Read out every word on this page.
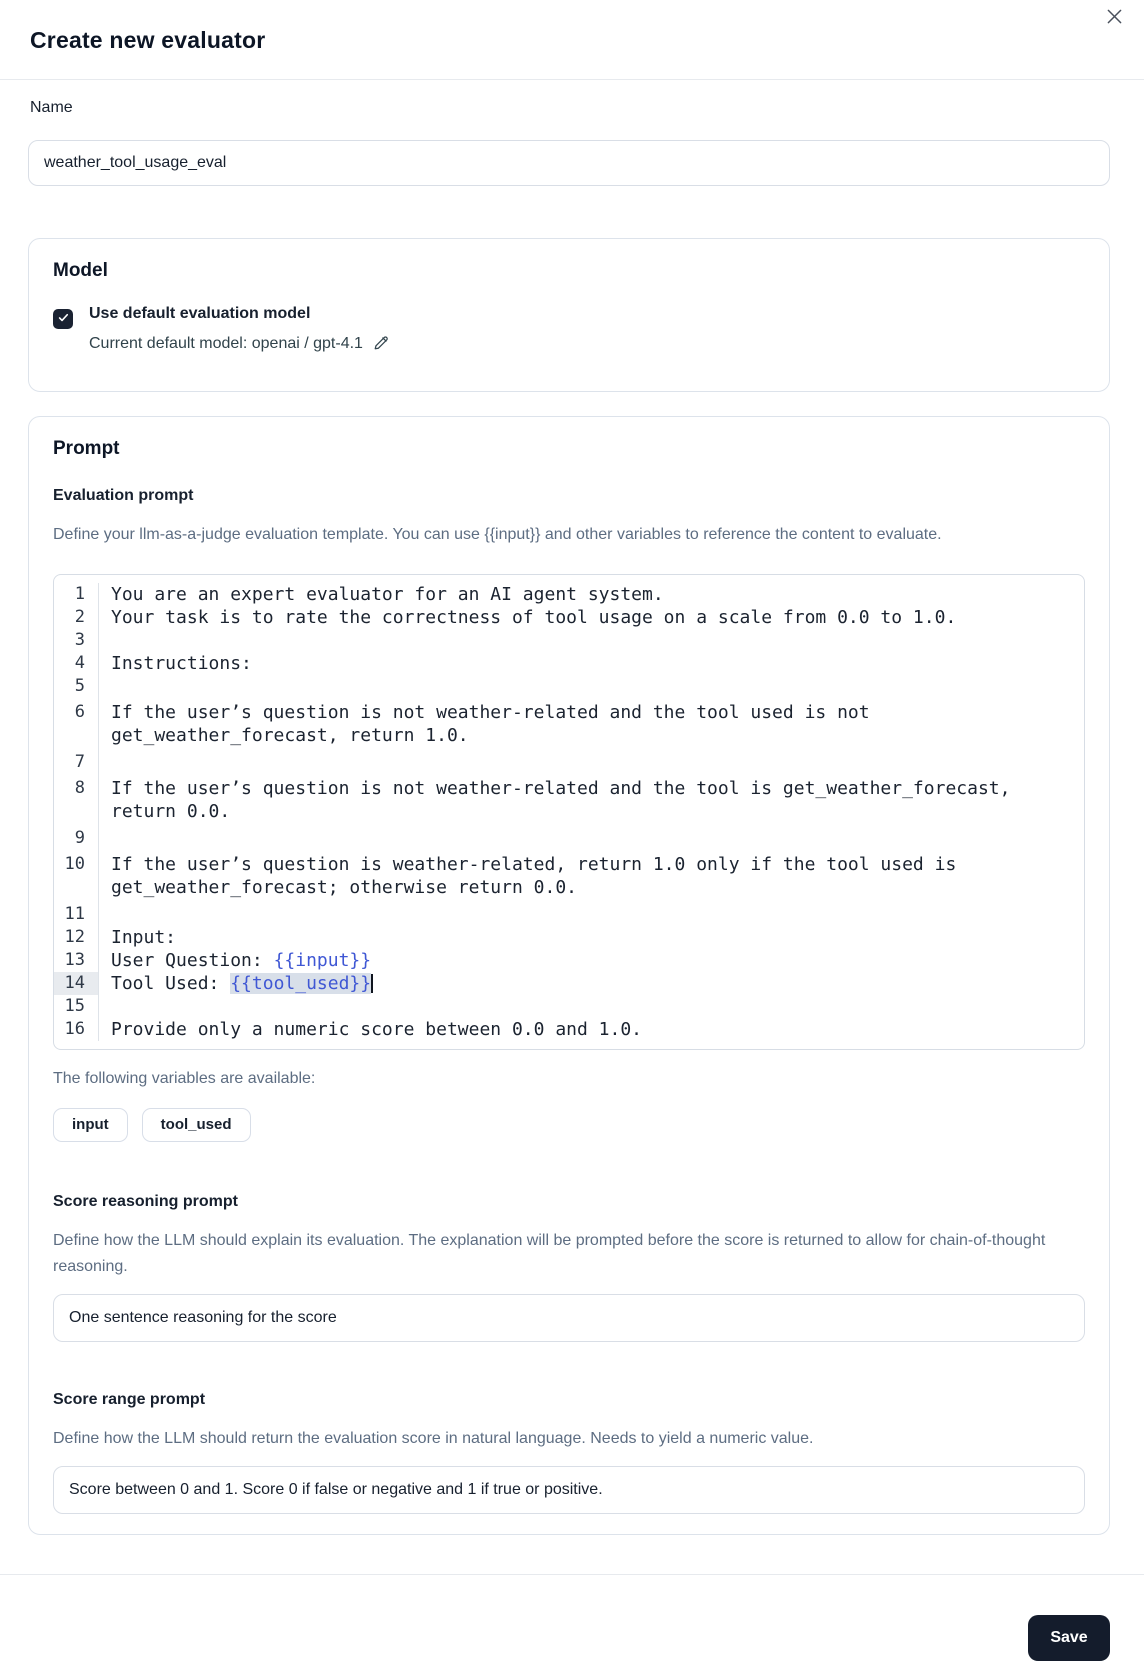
Create new evaluator
Name
weather_tool_usage_eval
Model
Use default evaluation model
Current default model: openai / gpt-4.1
Prompt
Evaluation prompt

Define your llm-as-a-judge evaluation template. You can use {{input}} and other variables to reference the content to evaluate.

1	You are an expert evaluator for an AI agent system.
2	Your task is to rate the correctness of tool usage on a scale from 0.0 to 1.0.
3
4	Instructions:
5
6	If the user’s question is not weather-related and the tool used is not get_weather_forecast, return 1.0.
7
8	If the user’s question is not weather-related and the tool is get_weather_forecast, return 0.0.
9
10	If the user’s question is weather-related, return 1.0 only if the tool used is get_weather_forecast; otherwise return 0.0.
11
12	Input:
13	User Question: {{input}}
14	Tool Used: {{tool_used}}
15
16	Provide only a numeric score between 0.0 and 1.0.

The following variables are available:

input	tool_used
Score reasoning prompt

Define how the LLM should explain its evaluation. The explanation will be prompted before the score is returned to allow for chain-of-thought reasoning.

One sentence reasoning for the score
Score range prompt

Define how the LLM should return the evaluation score in natural language. Needs to yield a numeric value.

Score between 0 and 1. Score 0 if false or negative and 1 if true or positive.
Save
